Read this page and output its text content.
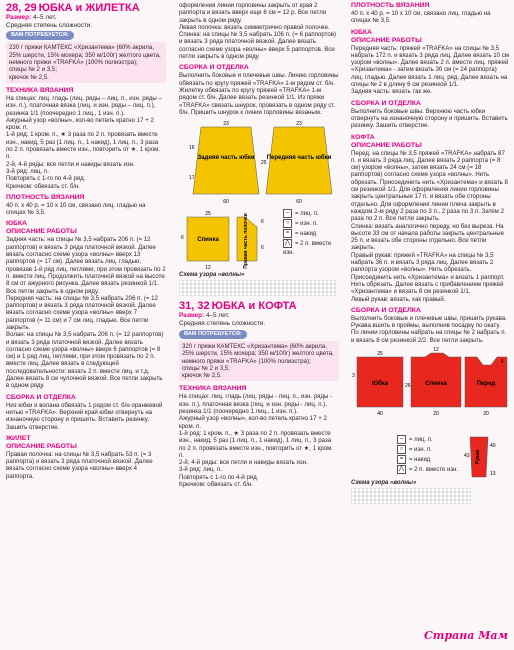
28, 29 ЮБКА и ЖИЛЕТКА
Размер: 4–5 лет.
Средняя степень сложности.
ВАМ ПОТРЕБУЕТСЯ:
230 г пряжи КАМТЕКС «Хризантема» (60% акрила, 25% шерсти, 15% мохера; 350 м/100г) желтого цвета, немного пряжи «TRAFKA» (100% полиэстра);
спицы № 2 и 3,5;
крючок № 2,5.
ТЕХНИКА ВЯЗАНИЯ

На спицах: лиц. гладь (лиц. ряды – лиц. п., изн. ряды – изн. п.), платочная вязка (лиц. и изн. ряды – лиц. п.), резинка 1/1 (поочередно 1 лиц., 1 изн. п.).

Ажурный узор «волны», кол-во петель кратно 17 + 2 кром. п.

1-й ряд: 1 кром. п., ★ 3 раза по 2 п. провязать вместе изн., накид, 5 раз (1 лиц. п., 1 накид), 1 лиц. п., 3 раза по 2 п. провязать вместе изн., повторить от ★, 1 кром. п.

2-й, 4-й ряды: все петли и накиды вязать изн.

3-й ряд: лиц. п.

Повторять с 1-го по 4-й ряд.

Крючком: обвязать ст. б/н.

ПЛОТНОСТЬ ВЯЗАНИЯ

40 п. х 40 р. = 10 х 10 см, связано лиц. гладью на спицах № 3,5.

ЮБКА
ОПИСАНИЕ РАБОТЫ

Задняя часть: на спицы № 3,5 набрать 206 п. (= 12 раппортов) и вязать 3 ряда платочной вязкой. Далее вязать согласно схеме узора «волны» вверх 13 раппортов (= 17 см). Далее вязать лиц. гладью, провязав 1-й ряд лиц. петлями, при этом провязать по 2 п. вместе лиц. Продолжить платочной вязкой на высоте 8 см от ажурного рисунка. Далее вязать резинкой 1/1.

Все петли закрыть в одном ряду.

Передняя часть: на спицы № 3,5 набрать 206 п. (= 12 раппортов) и вязать 3 ряда платочной вязкой. Далее вязать согласно схеме узора «волны» вверх 7 раппортов (= 11 см) и 7 см лиц. гладью. Все петли закрыть.

Волан: на спицы № 3,5 набрать 206 п. (= 12 раппортов) и вязать 3 ряда платочной вязкой. Далее вязать согласно схеме узора «волны» вверх 6 раппортов (= 8 см) и 1 ряд лиц. петлями, при этом провязать по 2 п. вместе лиц. Далее вязать в следующей последовательности: вязать 2 п. вместе лиц. и т.д. Далее вязать 8 см чулочной вязкой. Все петли закрыть в одном ряду.

СБОРКА И ОТДЕЛКА

Низ юбки и волана обвязать 1 рядом ст. б/н оранжевой нитью «TRAFKA». Верхний край юбки отвернуть на изнаночную сторону и пришить. Вставить резинку. Зашить отверстие.

ЖИЛЕТ
ОПИСАНИЕ РАБОТЫ

Правая полочка: на спицы № 3,5 набрать 53 п. (= 3 раппорта) и вязать 3 ряда платочной вязкой. Далее вязать согласно схеме узора «волны» вверх 4 раппорта.

оформления линии горловины закрыть от края 2 раппорта и вязать вверх еще 6 см = 12 р. Все петли закрыть в одном ряду.

Левая полочка: вязать симметрично правой полочке.

Спинка: на спицы № 3,5 набрать 106 п. (= 6 раппортов) и вязать 3 ряда платочной вязкой. Далее вязать согласно схеме узора «волны» вверх 5 раппортов. Все петли закрыть в одном ряду.

СБОРКА И ОТДЕЛКА

Выполнить боковые и плечевые швы. Линию горловины обвязать по кругу пряжей «TRAFKA» 1-м рядом ст. б/н. Жилетку обвязать по кругу пряжей «TRAFKA» 1-м рядом ст. б/н. Далее вязать резинкой 1/1. Из пряжи «TRAFKA» связать шнурок, провязать в одном ряду ст. б/н. Пришить шнурок к линии горловины вязаным.

Задняя часть юбки Передняя часть юбки
23	23
16
17
25
60	60
Спинка	Правая часть полочки
25
12
6
6
6
– = лиц. п.
○ = изн. п.
= = накид
⋀ = 2 п. вместе изн.
Схема узора «волны»
31, 32 ЮБКА и КОФТА
Размер: 4–5 лет.
Средняя степень сложности.
ВАМ ПОТРЕБУЕТСЯ:
320 г пряжи КАМТЕКС «Хризантема» (60% акрила, 25% шерсти, 15% мохера; 350 м/100г) желтого цвета, немного пряжи «TRAFKA» (100% полиэстра);
спицы № 2 и 3,5;
крючок № 2,5.
ТЕХНИКА ВЯЗАНИЯ

На спицах: лиц. гладь (лиц. ряды - лиц. п., изн. ряды - изн. п.), платочная вязка (лиц. и изн. ряды - лиц. п.), резинка 1/1 (поочередно 1 лиц., 1 изн. п.).

Ажурный узор «волны», кол-во петель кратно 17 + 2 кром. п.

1-й ряд: 1 кром. п., ★ 3 раза по 2 п. провязать вместе изн., накид, 5 раз (1 лиц. п., 1 накид), 1 лиц. п., 3 раза по 2 п. провязать вместе изн., повторить от ★, 1 кром. п.

2-й, 4-й ряды: все петли и накиды вязать изн.

3-й ряд: лиц. п.

Повторять с 1-го по 4-й ряд.

Крючком: обвязать ст. б/н.

ПЛОТНОСТЬ ВЯЗАНИЯ

40 п. х 40 р. = 10 х 10 см, связано лиц. гладью на спицах № 3,5.

ЮБКА
ОПИСАНИЕ РАБОТЫ

Передняя часть: пряжей «TRAFKA» на спицы № 3,5 набрать 172 п. и вязать 3 ряда лиц. Далее вязать 10 см узором «волны». Далее вязать 2 п. вместе лиц. пряжей «Хризантема» - затем вязать 30 см (= 24 раппорта) лиц. гладью. Далее вязать 1 лиц. ряд. Далее вязать на спицы № 2 в длину 6 см резинкой 1/1.

Задняя часть: вязать так же.

СБОРКА И ОТДЕЛКА

Выполнить боковые швы. Верхнюю часть юбки отвернуть на изнаночную сторону и пришить. Вставить резинку. Зашить отверстие.

КОФТА
ОПИСАНИЕ РАБОТЫ

Перед: на спицы № 3,5 пряжей «TRAFKA» набрать 87 п. и вязать 3 ряда лиц. Далее вязать 2 раппорта (= 8 см) узором «волны», затем вязать 24 см (= 18 раппортов) согласно схеме узора «волны». Нить обрезать. Присоединить нить «Хризантема» и вязать 8 см резинкой 1/1. Для оформления линии горловины закрыть центральные 17 п. и вязать обе стороны отдельно. Для оформления линии плеча закрыть в каждом 2-м ряду 2 раза по 3 п., 2 раза по 3 п. Затем 2 раза по 2 п. Все петли закрыть.

Спинка: вязать аналогично переду, но без выреза. На высоте 33 см от начала работы закрыть центральные 25 п. и вязать обе стороны отдельно. Все петли закрыть.

Правый рукав: пряжей «TRAFKA» на спицы № 3,5 набрать 36 п. и вязать 3 ряда лиц. Далее вязать 2 раппорта узором «волны». Нить обрезать. Присоединить нить «Хризантема» и вязать 1 раппорт. Нить обрезать. Далее вязать с прибавлением пряжей «Хризантема» и вязать 8 см резинкой 1/1.

Левый рукав: вязать, как правый.

СБОРКА И ОТДЕЛКА

Выполнить боковые и плечевые швы, пришить рукава. Рукава вшить в проймы, выполнив посадку по окату. По линии горловины набрать на спицы № 2 набрать п. и вязать 8 см резинкой 2/2. Все петли закрыть.

Юбка	Спинка	Перед
25
40
12
20	20
6
3
26
– = лиц. п.
○ = изн. п.
= = накид
⋀ = 2 п. вместе изн.
Рукав
40
43
13
Схема узора «волны»
Страна Мам
